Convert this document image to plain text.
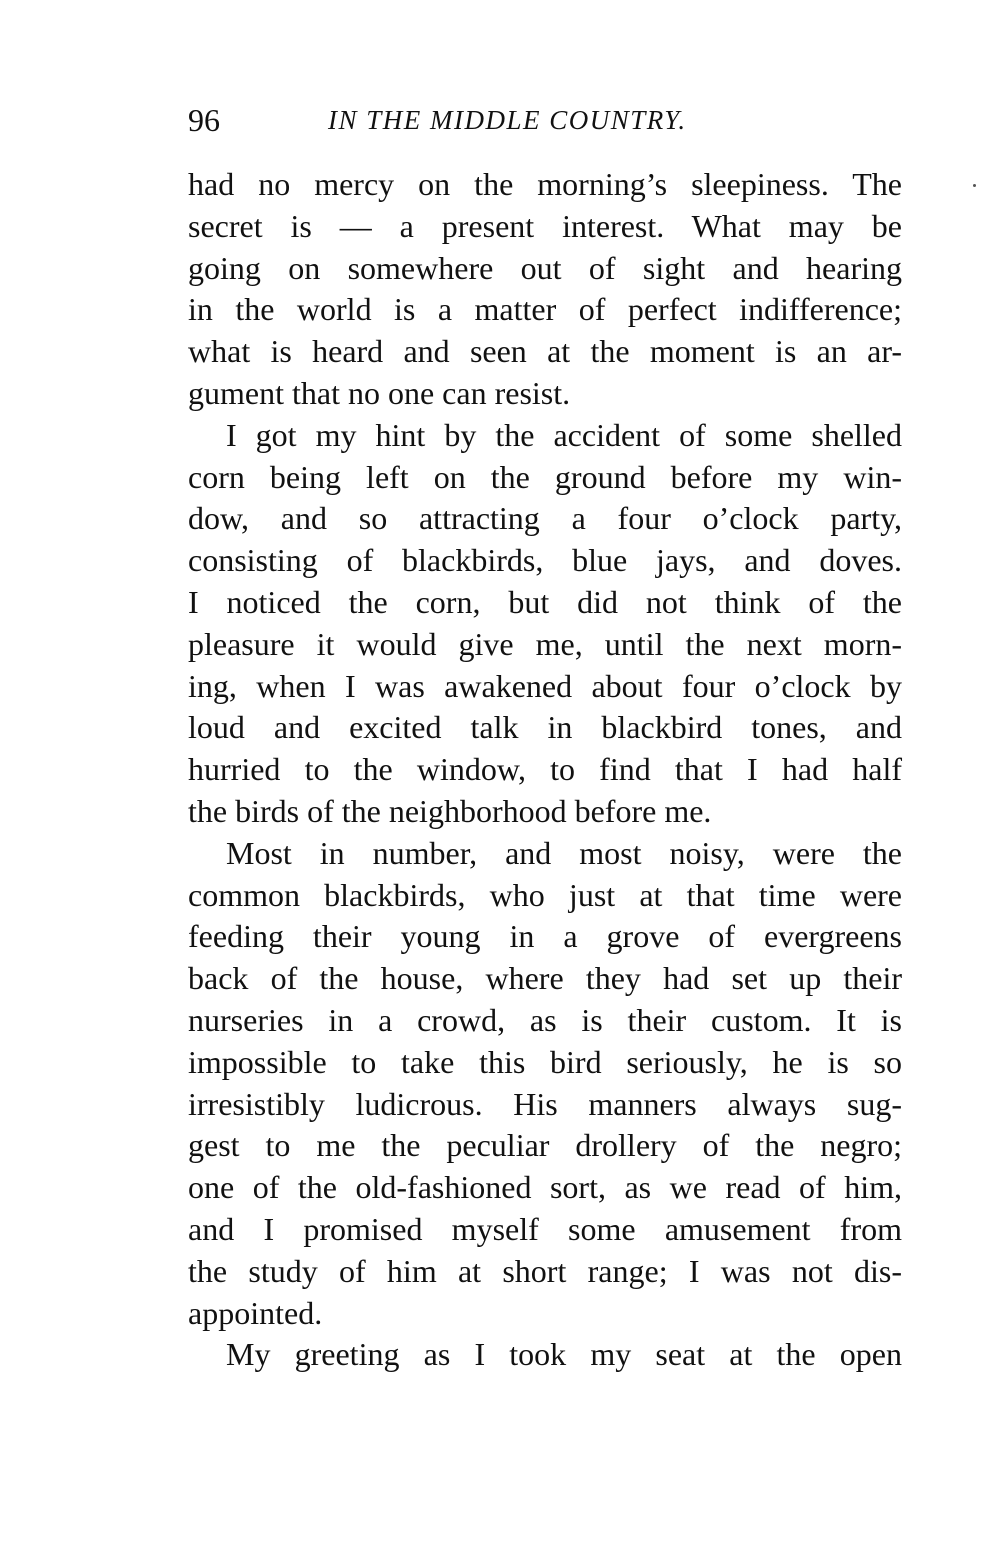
96	IN THE MIDDLE COUNTRY.
had no mercy on the morning’s sleepiness. The
secret is — a present interest. What may be
going on somewhere out of sight and hearing
in the world is a matter of perfect indifference;
what is heard and seen at the moment is an ar-
gument that no one can resist.
I got my hint by the accident of some shelled
corn being left on the ground before my win-
dow, and so attracting a four o’clock party,
consisting of blackbirds, blue jays, and doves.
I noticed the corn, but did not think of the
pleasure it would give me, until the next morn-
ing, when I was awakened about four o’clock by
loud and excited talk in blackbird tones, and
hurried to the window, to find that I had half
the birds of the neighborhood before me.
Most in number, and most noisy, were the
common blackbirds, who just at that time were
feeding their young in a grove of evergreens
back of the house, where they had set up their
nurseries in a crowd, as is their custom. It is
impossible to take this bird seriously, he is so
irresistibly ludicrous. His manners always sug-
gest to me the peculiar drollery of the negro;
one of the old-fashioned sort, as we read of him,
and I promised myself some amusement from
the study of him at short range; I was not dis-
appointed.
My greeting as I took my seat at the open
